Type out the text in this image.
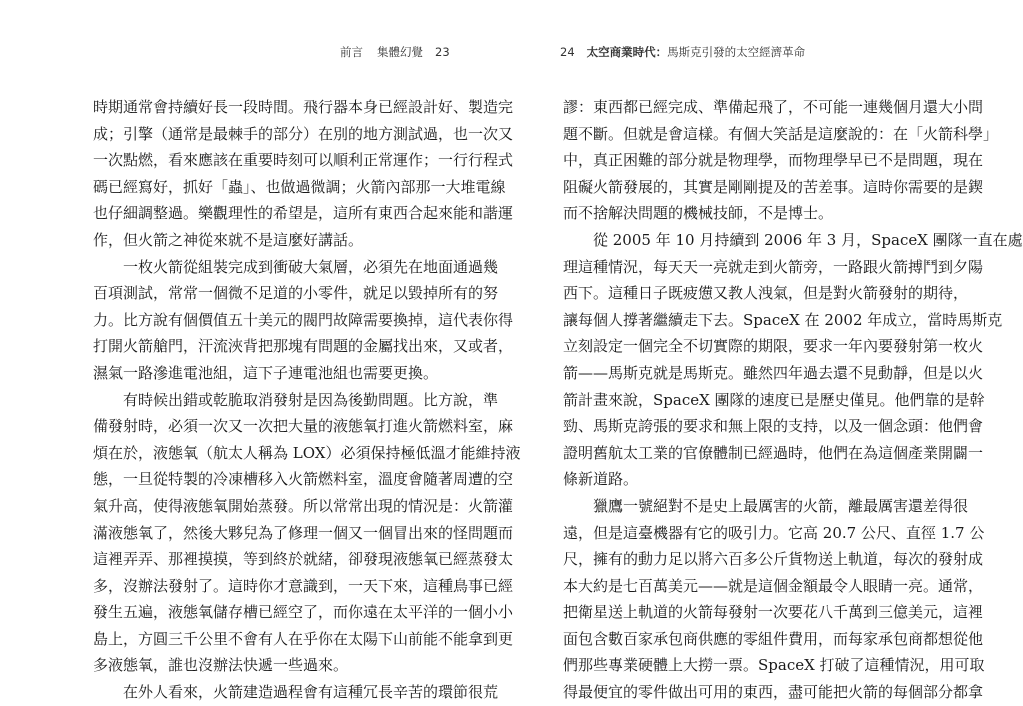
前言 集體幻覺 23
時期通常會持續好長一段時間。飛行器本身已經設計好、製造完
成；引擎（通常是最棘手的部分）在別的地方測試過，也一次又
一次點燃，看來應該在重要時刻可以順利正常運作；一行行程式
碼已經寫好，抓好「蟲」、也做過微調；火箭內部那一大堆電線
也仔細調整過。樂觀理性的希望是，這所有東西合起來能和諧運
作，但火箭之神從來就不是這麼好講話。
一枚火箭從組裝完成到衝破大氣層，必須先在地面通過幾
百項測試，常常一個微不足道的小零件，就足以毀掉所有的努
力。比方說有個價值五十美元的閥門故障需要換掉，這代表你得
打開火箭艙門，汗流浹背把那塊有問題的金屬找出來，又或者，
濕氣一路滲進電池組，這下子連電池組也需要更換。
有時候出錯或乾脆取消發射是因為後勤問題。比方說，準
備發射時，必須一次又一次把大量的液態氧打進火箭燃料室，麻
煩在於，液態氧（航太人稱為 LOX）必須保持極低溫才能維持液
態，一旦從特製的冷凍槽移入火箭燃料室，溫度會隨著周遭的空
氣升高，使得液態氧開始蒸發。所以常常出現的情況是：火箭灌
滿液態氧了，然後大夥兒為了修理一個又一個冒出來的怪問題而
這裡弄弄、那裡摸摸，等到終於就緒，卻發現液態氧已經蒸發太
多，沒辦法發射了。這時你才意識到，一天下來，這種鳥事已經
發生五遍，液態氧儲存槽已經空了，而你遠在太平洋的一個小小
島上，方圓三千公里不會有人在乎你在太陽下山前能不能拿到更
多液態氧，誰也沒辦法快遞一些過來。
在外人看來，火箭建造過程會有這種冗長辛苦的環節很荒
24 太空商業時代：馬斯克引發的太空經濟革命
謬：東西都已經完成、準備起飛了，不可能一連幾個月還大小問
題不斷。但就是會這樣。有個大笑話是這麼說的：在「火箭科學」
中，真正困難的部分就是物理學，而物理學早已不是問題，現在
阻礙火箭發展的，其實是剛剛提及的苦差事。這時你需要的是鍥
而不捨解決問題的機械技師，不是博士。
從 2005 年 10 月持續到 2006 年 3 月，SpaceX 團隊一直在處
理這種情況，每天天一亮就走到火箭旁，一路跟火箭搏鬥到夕陽
西下。這種日子既疲憊又教人洩氣，但是對火箭發射的期待，
讓每個人撐著繼續走下去。SpaceX 在 2002 年成立，當時馬斯克
立刻設定一個完全不切實際的期限，要求一年內要發射第一枚火
箭——馬斯克就是馬斯克。雖然四年過去還不見動靜，但是以火
箭計畫來說，SpaceX 團隊的速度已是歷史僅見。他們靠的是幹
勁、馬斯克誇張的要求和無上限的支持，以及一個念頭：他們會
證明舊航太工業的官僚體制已經過時，他們在為這個產業開闢一
條新道路。
獵鷹一號絕對不是史上最厲害的火箭，離最厲害還差得很
遠，但是這臺機器有它的吸引力。它高 20.7 公尺、直徑 1.7 公
尺，擁有的動力足以將六百多公斤貨物送上軌道，每次的發射成
本大約是七百萬美元——就是這個金額最令人眼睛一亮。通常，
把衛星送上軌道的火箭每發射一次要花八千萬到三億美元，這裡
面包含數百家承包商供應的零組件費用，而每家承包商都想從他
們那些專業硬體上大撈一票。SpaceX 打破了這種情況，用可取
得最便宜的零件做出可用的東西，盡可能把火箭的每個部分都拿
